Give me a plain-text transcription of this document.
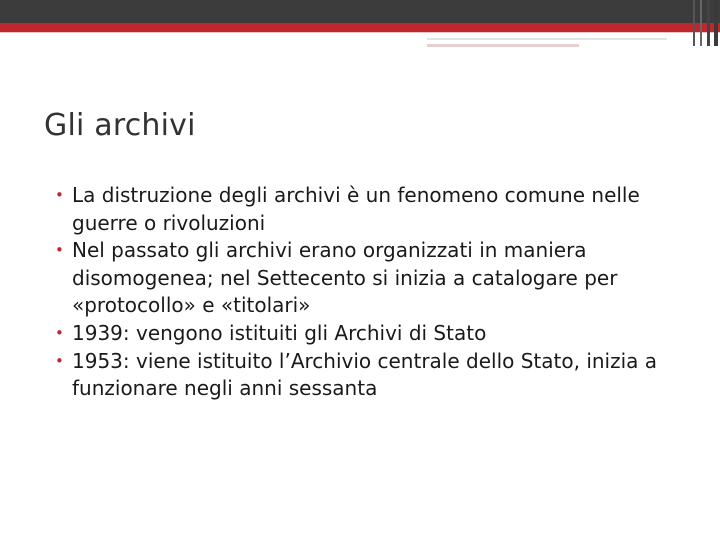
Gli archivi
• La distruzione degli archivi è un fenomeno comune nelle guerre o rivoluzioni
• Nel passato gli archivi erano organizzati in maniera disomogenea; nel Settecento si inizia a catalogare per «protocollo» e «titolari»
• 1939: vengono istituiti gli Archivi di Stato
• 1953: viene istituito l’Archivio centrale dello Stato, inizia a funzionare negli anni sessanta
